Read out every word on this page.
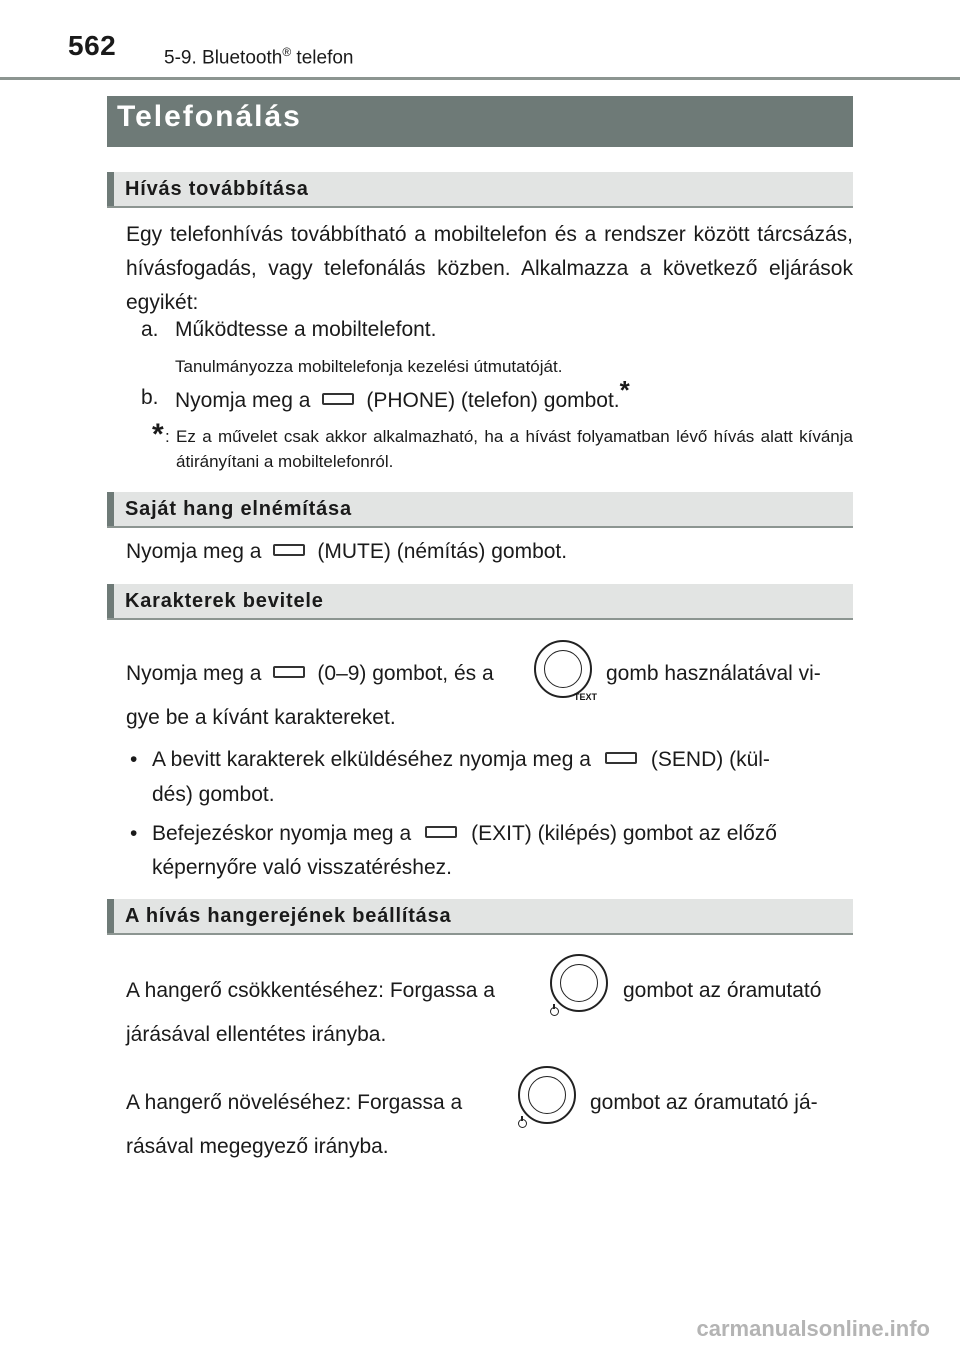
562	5-9. Bluetooth® telefon
Telefonálás
Hívás továbbítása
Egy telefonhívás továbbítható a mobiltelefon és a rendszer között tárcsázás, hívásfogadás, vagy telefonálás közben. Alkalmazza a következő eljárások egyikét:
a. Működtesse a mobiltelefont.
Tanulmányozza mobiltelefonja kezelési útmutatóját.
b. Nyomja meg a	(PHONE) (telefon) gombot.*
* : Ez a művelet csak akkor alkalmazható, ha a hívást folyamatban lévő hívás alatt kívánja átirányítani a mobiltelefonról.
Saját hang elnémítása
Nyomja meg a	(MUTE) (némítás) gombot.
Karakterek bevitele
Nyomja meg a	(0–9) gombot, és a	gomb használatával vi-
TEXT
gye be a kívánt karaktereket.
• A bevitt karakterek elküldéséhez nyomja meg a	(SEND) (kül-
dés) gombot.
• Befejezéskor nyomja meg a	(EXIT) (kilépés) gombot az előző
képernyőre való visszatéréshez.
A hívás hangerejének beállítása
A hangerő csökkentéséhez: Forgassa a	gombot az óramutató
járásával ellentétes irányba.
A hangerő növeléséhez: Forgassa a	gombot az óramutató já-
rásával megegyező irányba.
carmanualsonline.info
